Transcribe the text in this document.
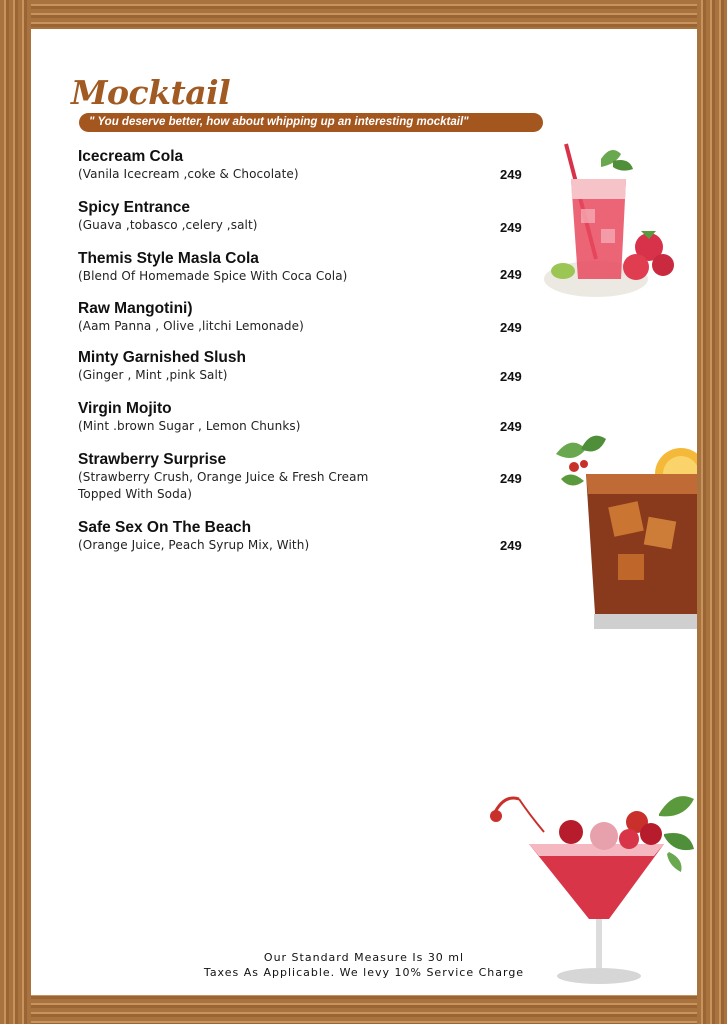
Mocktail
" You deserve better, how about whipping up an interesting mocktail"
Icecream Cola
(Vanila Icecream ,coke & Chocolate)	249
Spicy Entrance
(Guava ,tobasco ,celery ,salt)	249
Themis Style Masla Cola
(Blend Of Homemade Spice With Coca Cola)	249
Raw Mangotini)
(Aam Panna , Olive ,litchi Lemonade)	249
Minty Garnished Slush
(Ginger , Mint ,pink Salt)	249
Virgin Mojito
(Mint .brown Sugar , Lemon Chunks)	249
Strawberry Surprise
(Strawberry Crush, Orange Juice & Fresh Cream Topped With Soda)
249
Safe Sex On The Beach
(Orange Juice, Peach Syrup Mix, With)	249
Our Standard Measure Is 30 ml
Taxes As Applicable. We levy 10% Service Charge
